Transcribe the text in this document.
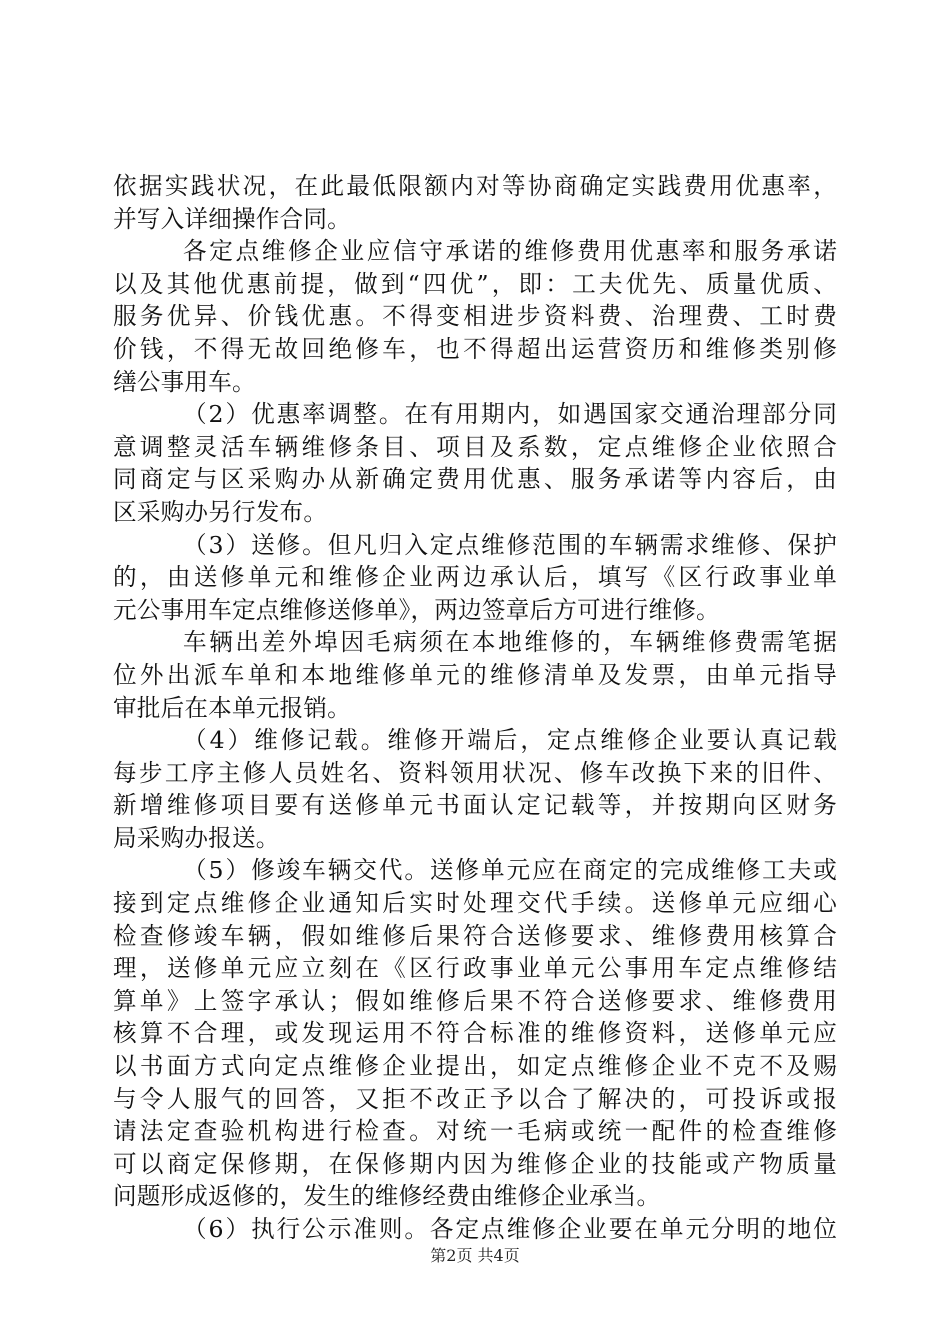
依据实践状况，在此最低限额内对等协商确定实践费用优惠率，
并写入详细操作合同。
各定点维修企业应信守承诺的维修费用优惠率和服务承诺
以及其他优惠前提，做到“四优”，即：工夫优先、质量优质、
服务优异、价钱优惠。不得变相进步资料费、治理费、工时费
价钱，不得无故回绝修车，也不得超出运营资历和维修类别修
缮公事用车。
（2）优惠率调整。在有用期内，如遇国家交通治理部分同
意调整灵活车辆维修条目、项目及系数，定点维修企业依照合
同商定与区采购办从新确定费用优惠、服务承诺等内容后，由
区采购办另行发布。
（3）送修。但凡归入定点维修范围的车辆需求维修、保护
的，由送修单元和维修企业两边承认后，填写《区行政事业单
元公事用车定点维修送修单》，两边签章后方可进行维修。
车辆出差外埠因毛病须在本地维修的，车辆维修费需笔据
位外出派车单和本地维修单元的维修清单及发票，由单元指导
审批后在本单元报销。
（4）维修记载。维修开端后，定点维修企业要认真记载
每步工序主修人员姓名、资料领用状况、修车改换下来的旧件、
新增维修项目要有送修单元书面认定记载等，并按期向区财务
局采购办报送。
（5）修竣车辆交代。送修单元应在商定的完成维修工夫或
接到定点维修企业通知后实时处理交代手续。送修单元应细心
检查修竣车辆，假如维修后果符合送修要求、维修费用核算合
理，送修单元应立刻在《区行政事业单元公事用车定点维修结
算单》上签字承认；假如维修后果不符合送修要求、维修费用
核算不合理，或发现运用不符合标准的维修资料，送修单元应
以书面方式向定点维修企业提出，如定点维修企业不克不及赐
与令人服气的回答，又拒不改正予以合了解决的，可投诉或报
请法定查验机构进行检查。对统一毛病或统一配件的检查维修
可以商定保修期，在保修期内因为维修企业的技能或产物质量
问题形成返修的，发生的维修经费由维修企业承当。
（6）执行公示准则。各定点维修企业要在单元分明的地位
第2页 共4页
